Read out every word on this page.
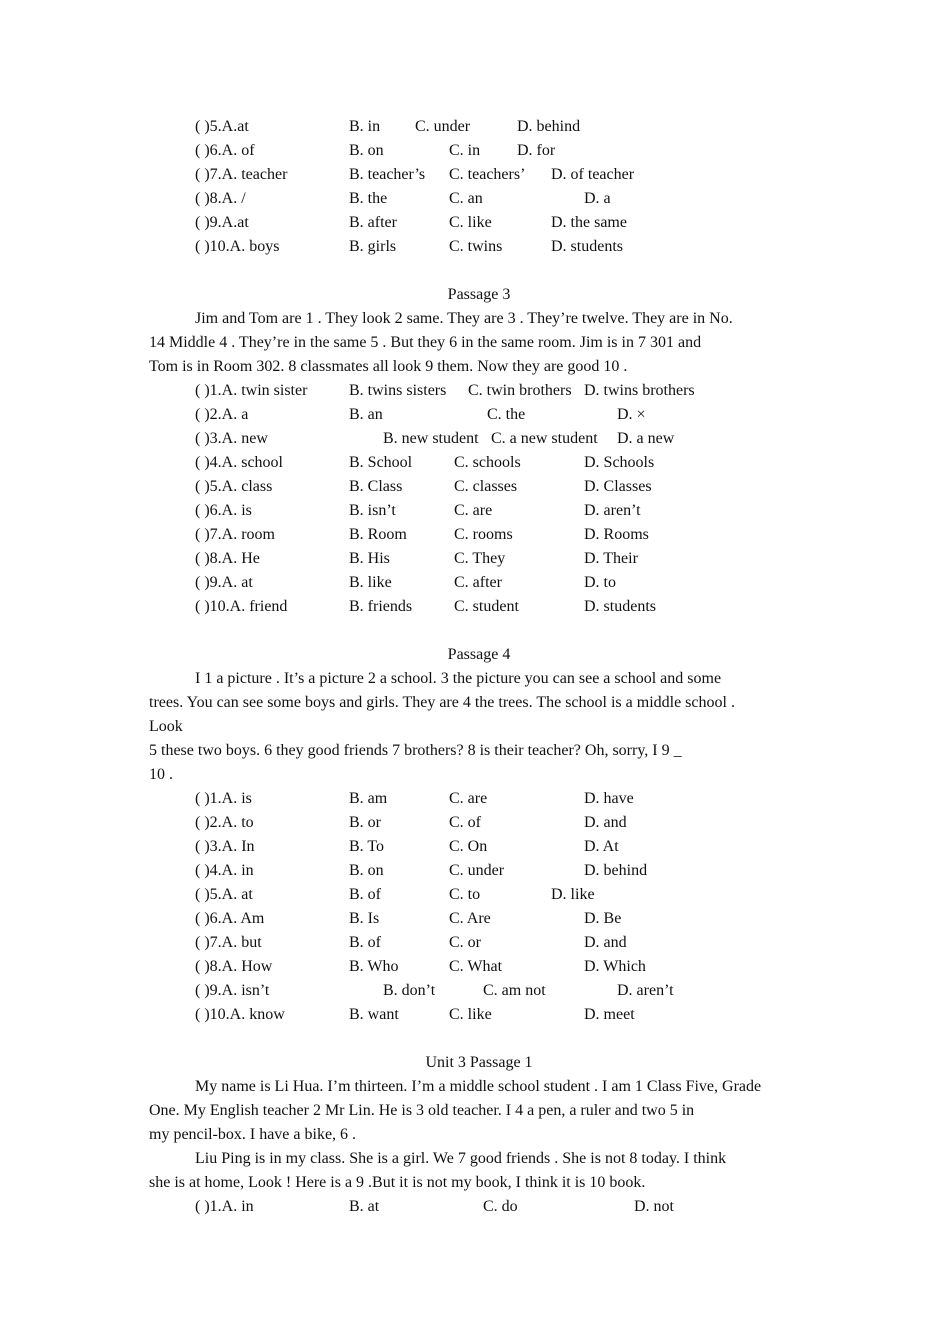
( )5.A.at	B. in C. under	D. behind
( )6.A. of	B. on	C. in D. for
( )7.A. teacher	B. teacher’s C. teachers’ D. of teacher
( )8.A. /	B. the	C. an	D. a
( )9.A.at	B. after	C. like	D. the same
( )10.A. boys	B. girls	C. twins	D. students
Passage 3
Jim and Tom are 1 . They look 2 same. They are 3 . They’re twelve. They are in No.
14 Middle 4 . They’re in the same 5 . But they 6 in the same room. Jim is in 7 301 and
Tom is in Room 302. 8 classmates all look 9 them. Now they are good 10 .
( )1.A. twin sister	B. twins sisters C. twin brothers D. twins brothers
( )2.A. a	B. an	C. the	D. ×
( )3.A. new	B. new student C. a new student D. a new
( )4.A. school	B. School	C. schools	D. Schools
( )5.A. class	B. Class	C. classes	D. Classes
( )6.A. is	B. isn’t	C. are	D. aren’t
( )7.A. room	B. Room	C. rooms	D. Rooms
( )8.A. He	B. His	C. They	D. Their
( )9.A. at	B. like	C. after	D. to
( )10.A. friend	B. friends	C. student	D. students
Passage 4
I 1 a picture . It’s a picture 2 a school. 3 the picture you can see a school and some
trees. You can see some boys and girls. They are 4 the trees. The school is a middle school .
Look
5 these two boys. 6 they good friends 7 brothers? 8 is their teacher? Oh, sorry, I 9 _
10 .
( )1.A. is	B. am	C. are	D. have
( )2.A. to	B. or	C. of	D. and
( )3.A. In	B. To	C. On	D. At
( )4.A. in	B. on	C. under	D. behind
( )5.A. at	B. of	C. to	D. like
( )6.A. Am	B. Is	C. Are	D. Be
( )7.A. but	B. of	C. or	D. and
( )8.A. How	B. Who	C. What	D. Which
( )9.A. isn’t	B. don’t	C. am not	D. aren’t
( )10.A. know	B. want	C. like	D. meet
Unit 3 Passage 1
My name is Li Hua. I’m thirteen. I’m a middle school student . I am 1 Class Five, Grade
One. My English teacher 2 Mr Lin. He is 3 old teacher. I 4 a pen, a ruler and two 5 in
my pencil-box. I have a bike, 6 .
Liu Ping is in my class. She is a girl. We 7 good friends . She is not 8 today. I think
she is at home, Look ! Here is a 9 .But it is not my book, I think it is 10 book.
( )1.A. in	B. at	C. do	D. not
